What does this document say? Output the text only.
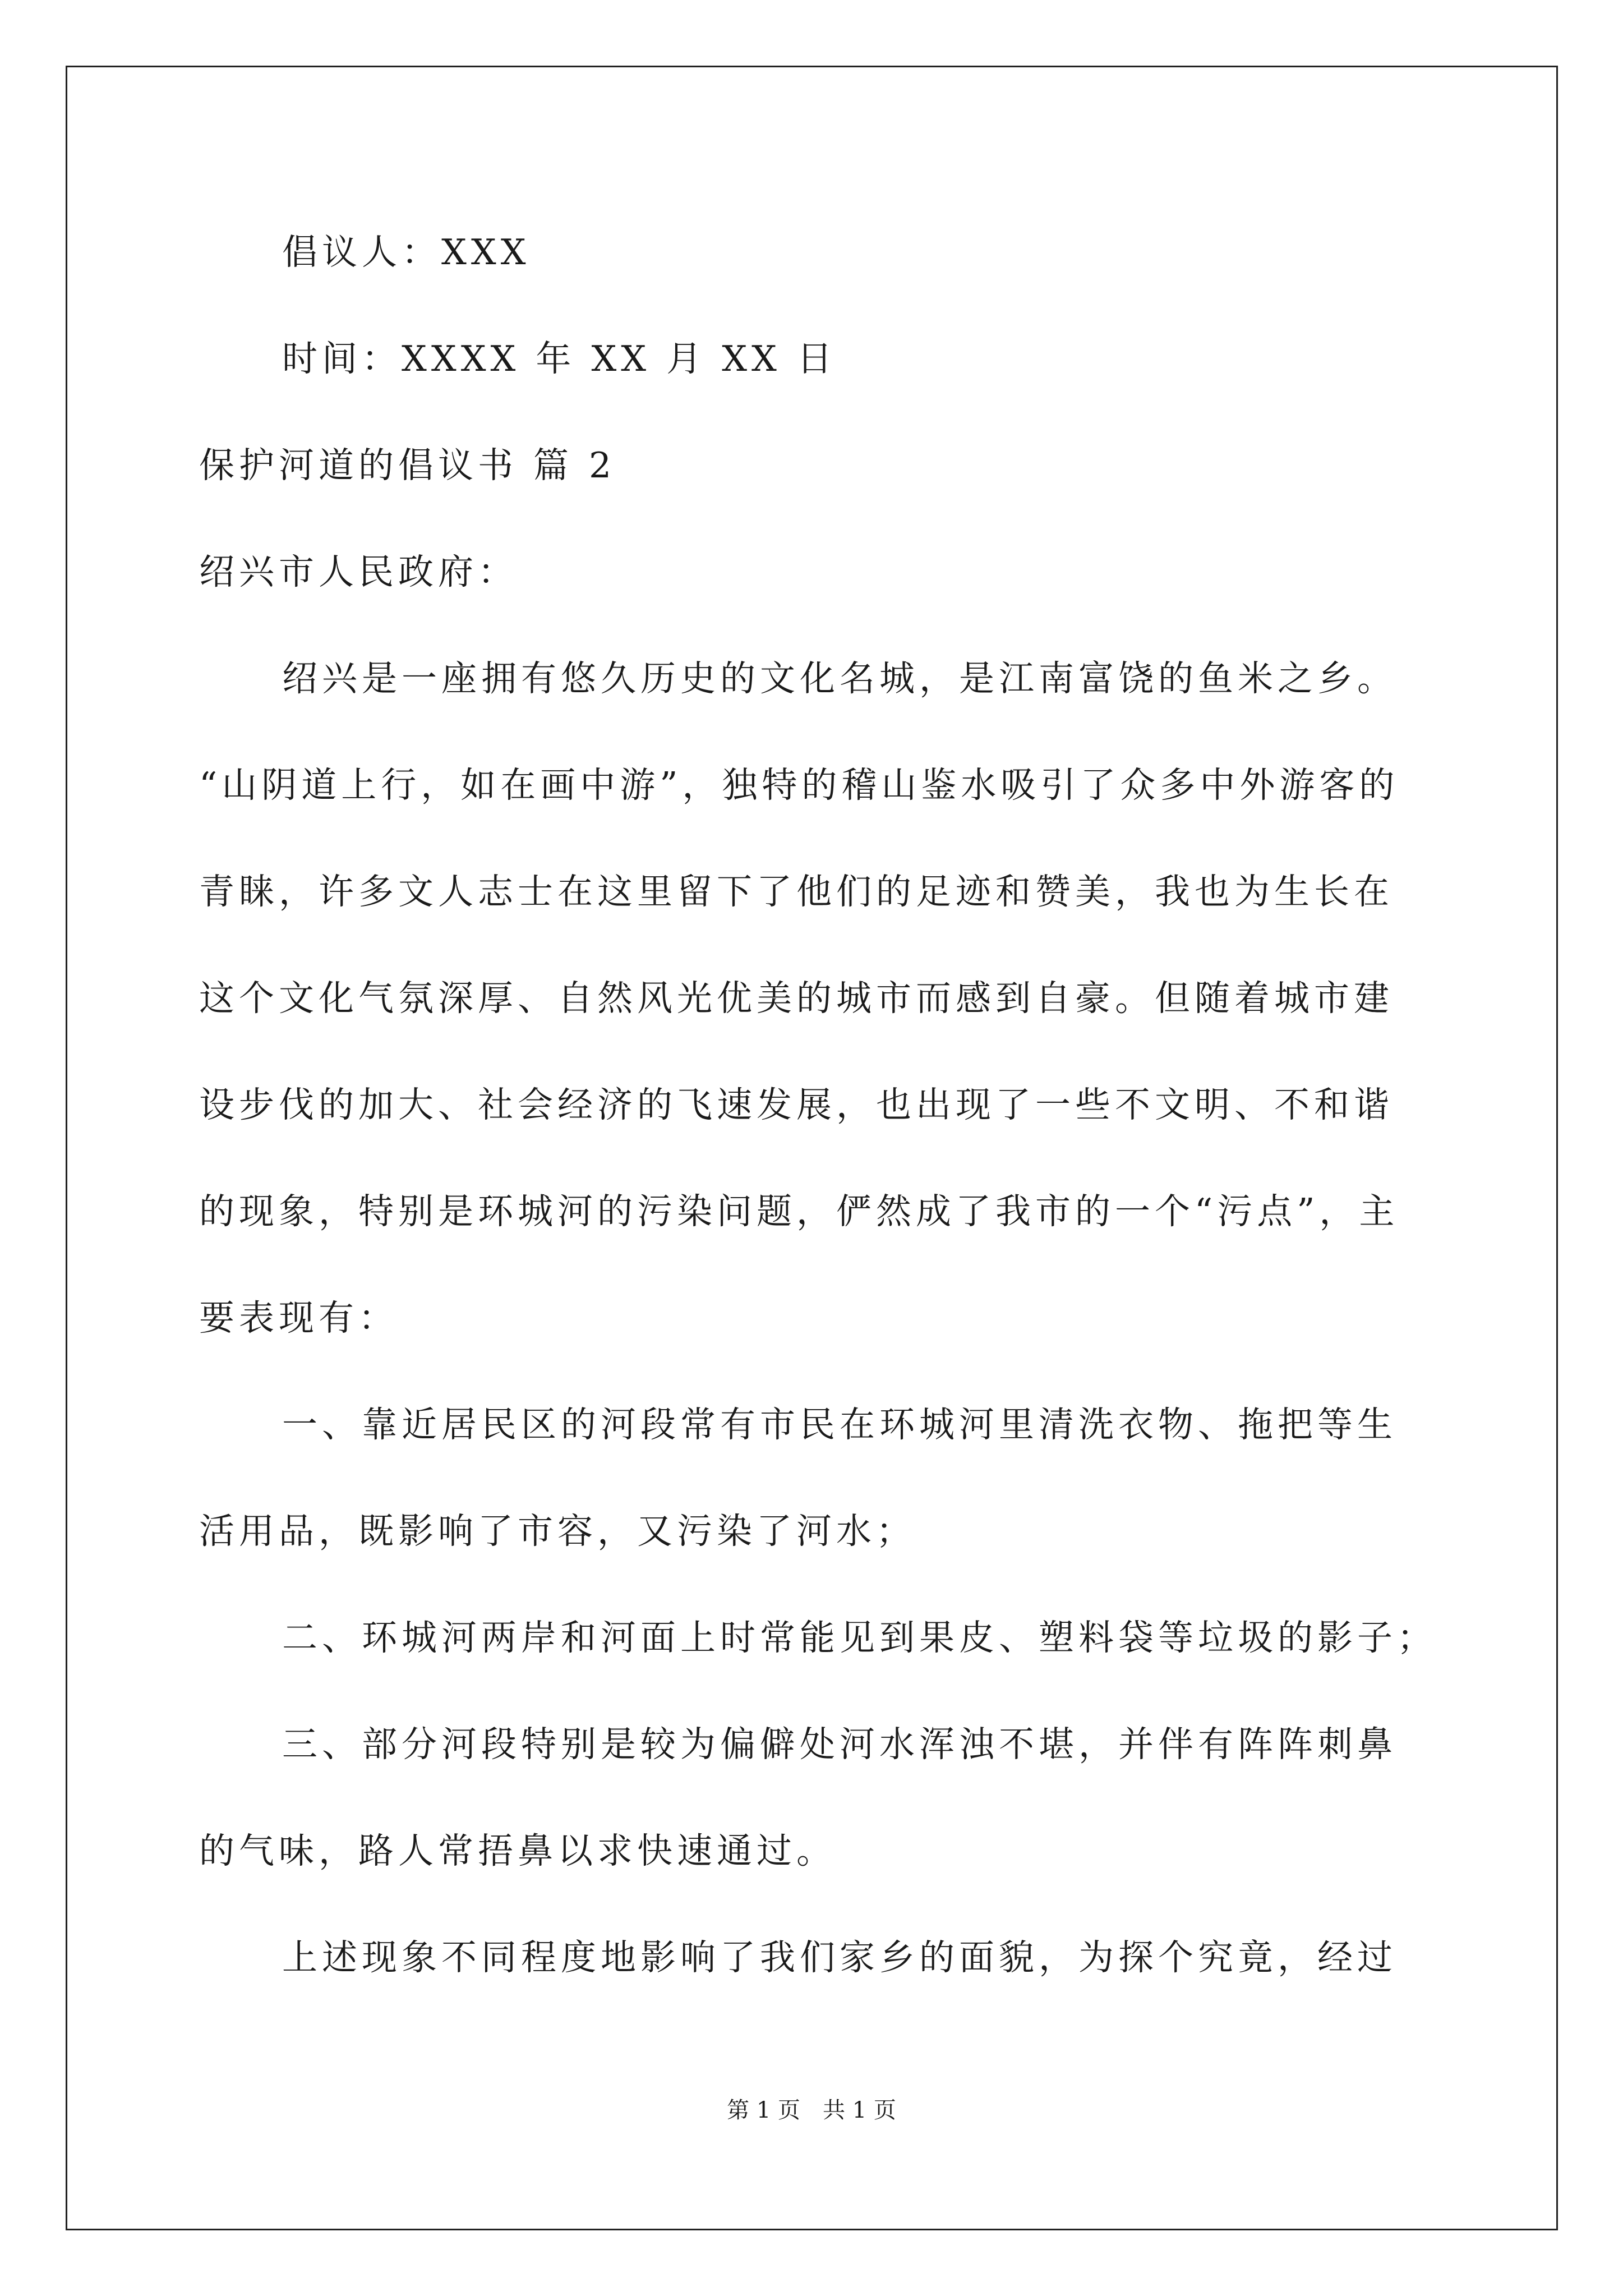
倡议人：XXX
时间：XXXX 年 XX 月 XX 日
保护河道的倡议书 篇 2
绍兴市人民政府：
绍兴是一座拥有悠久历史的文化名城，是江南富饶的鱼米之乡。
“山阴道上行，如在画中游”，独特的稽山鉴水吸引了众多中外游客的
青睐，许多文人志士在这里留下了他们的足迹和赞美，我也为生长在
这个文化气氛深厚、自然风光优美的城市而感到自豪。但随着城市建
设步伐的加大、社会经济的飞速发展，也出现了一些不文明、不和谐
的现象，特别是环城河的污染问题，俨然成了我市的一个“污点”，主
要表现有：
一、靠近居民区的河段常有市民在环城河里清洗衣物、拖把等生
活用品，既影响了市容，又污染了河水；
二、环城河两岸和河面上时常能见到果皮、塑料袋等垃圾的影子；
三、部分河段特别是较为偏僻处河水浑浊不堪，并伴有阵阵刺鼻
的气味，路人常捂鼻以求快速通过。
上述现象不同程度地影响了我们家乡的面貌，为探个究竟，经过
第 1 页　共 1 页
